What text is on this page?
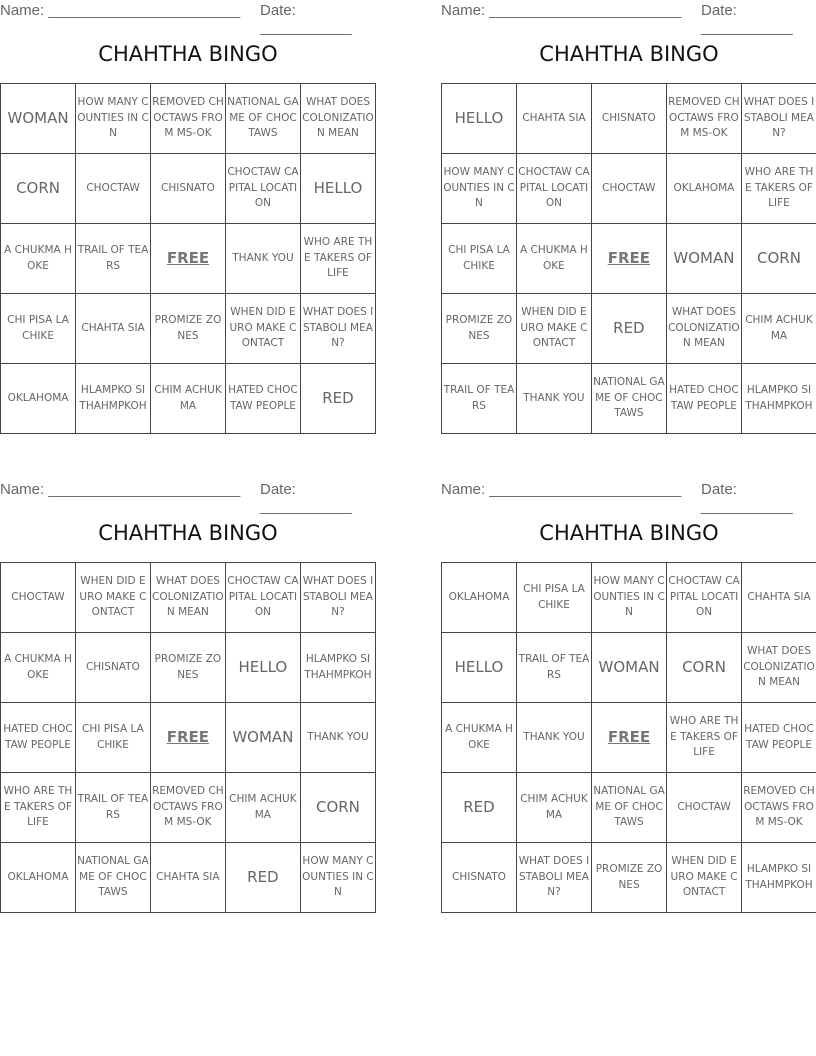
Name: _______________________ Date: ___________
CHAHTHA BINGO
WOMAN	HOW MANY COUNTIES IN CN	REMOVED CHOCTAWS FROM MS-OK	NATIONAL GAME OF CHOCTAWS	WHAT DOES COLONIZATION MEAN
CORN	CHOCTAW	CHISNATO	CHOCTAW CAPITAL LOCATION	HELLO
A CHUKMA HOKE	TRAIL OF TEARS	FREE	THANK YOU	WHO ARE THE TAKERS OF LIFE
CHI PISA LA CHIKE	CHAHTA SIA	PROMIZE ZONES	WHEN DID EURO MAKE CONTACT	WHAT DOES ISTABOLI MEAN?
OKLAHOMA	HLAMPKO SI THAHMPKOH	CHIM ACHUKMA	HATED CHOCTAW PEOPLE	RED
Name: _______________________ Date: ___________
CHAHTHA BINGO
HELLO	CHAHTA SIA	CHISNATO	REMOVED CHOCTAWS FROM MS-OK	WHAT DOES ISTABOLI MEAN?
HOW MANY COUNTIES IN CN	CHOCTAW CAPITAL LOCATION	CHOCTAW	OKLAHOMA	WHO ARE THE TAKERS OF LIFE
CHI PISA LA CHIKE	A CHUKMA HOKE	FREE	WOMAN	CORN
PROMIZE ZONES	WHEN DID EURO MAKE CONTACT	RED	WHAT DOES COLONIZATION MEAN	CHIM ACHUKMA
TRAIL OF TEARS	THANK YOU	NATIONAL GAME OF CHOCTAWS	HATED CHOCTAW PEOPLE	HLAMPKO SI THAHMPKOH
Name: _______________________ Date: ___________
CHAHTHA BINGO
CHOCTAW	WHEN DID EURO MAKE CONTACT	WHAT DOES COLONIZATION MEAN	CHOCTAW CAPITAL LOCATION	WHAT DOES ISTABOLI MEAN?
A CHUKMA HOKE	CHISNATO	PROMIZE ZONES	HELLO	HLAMPKO SI THAHMPKOH
HATED CHOCTAW PEOPLE	CHI PISA LA CHIKE	FREE	WOMAN	THANK YOU
WHO ARE THE TAKERS OF LIFE	TRAIL OF TEARS	REMOVED CHOCTAWS FROM MS-OK	CHIM ACHUKMA	CORN
OKLAHOMA	NATIONAL GAME OF CHOCTAWS	CHAHTA SIA	RED	HOW MANY COUNTIES IN CN
Name: _______________________ Date: ___________
CHAHTHA BINGO
OKLAHOMA	CHI PISA LA CHIKE	HOW MANY COUNTIES IN CN	CHOCTAW CAPITAL LOCATION	CHAHTA SIA
HELLO	TRAIL OF TEARS	WOMAN	CORN	WHAT DOES COLONIZATION MEAN
A CHUKMA HOKE	THANK YOU	FREE	WHO ARE THE TAKERS OF LIFE	HATED CHOCTAW PEOPLE
RED	CHIM ACHUKMA	NATIONAL GAME OF CHOCTAWS	CHOCTAW	REMOVED CHOCTAWS FROM MS-OK
CHISNATO	WHAT DOES ISTABOLI MEAN?	PROMIZE ZONES	WHEN DID EURO MAKE CONTACT	HLAMPKO SI THAHMPKOH
